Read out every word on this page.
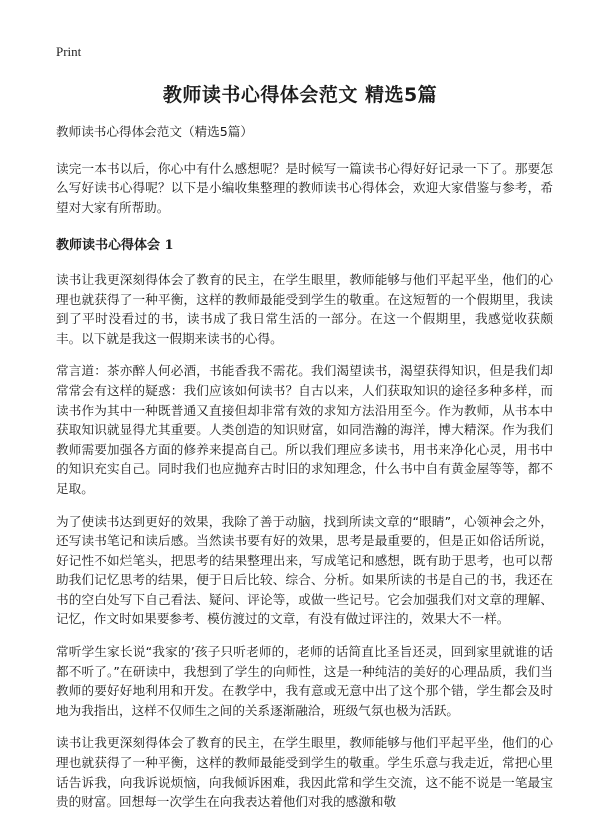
Print
教师读书心得体会范文 精选5篇

教师读书心得体会范文（精选5篇）

读完一本书以后，你心中有什么感想呢？是时候写一篇读书心得好好记录一下了。那要怎么写好读书心得呢？以下是小编收集整理的教师读书心得体会，欢迎大家借鉴与参考，希望对大家有所帮助。

教师读书心得体会 1

读书让我更深刻得体会了教育的民主，在学生眼里，教师能够与他们平起平坐，他们的心理也就获得了一种平衡，这样的教师最能受到学生的敬重。在这短暂的一个假期里，我读到了平时没看过的书，读书成了我日常生活的一部分。在这一个假期里，我感觉收获颇丰。以下就是我这一假期来读书的心得。

常言道：茶亦醉人何必酒，书能香我不需花。我们渴望读书，渴望获得知识，但是我们却常常会有这样的疑惑：我们应该如何读书？自古以来，人们获取知识的途径多种多样，而读书作为其中一种既普通又直接但却非常有效的求知方法沿用至今。作为教师，从书本中获取知识就显得尤其重要。人类创造的知识财富，如同浩瀚的海洋，博大精深。作为我们教师需要加强各方面的修养来提高自己。所以我们理应多读书，用书来净化心灵，用书中的知识充实自己。同时我们也应抛弃古时旧的求知理念，什么书中自有黄金屋等等，都不足取。

为了使读书达到更好的效果，我除了善于动脑，找到所读文章的“眼睛”，心领神会之外，还写读书笔记和读后感。当然读书要有好的效果，思考是最重要的，但是正如俗话所说，好记性不如烂笔头，把思考的结果整理出来，写成笔记和感想，既有助于思考，也可以帮助我们记忆思考的结果，便于日后比较、综合、分析。如果所读的书是自己的书，我还在书的空白处写下自己看法、疑问、评论等，或做一些记号。它会加强我们对文章的理解、记忆，作文时如果要参考、模仿渡过的文章，有没有做过评注的，效果大不一样。

常听学生家长说“我家的’孩子只听老师的，老师的话简直比圣旨还灵，回到家里就谁的话都不听了。”在研读中，我想到了学生的向师性，这是一种纯洁的美好的心理品质，我们当教师的要好好地利用和开发。在教学中，我有意或无意中出了这个那个错，学生都会及时地为我指出，这样不仅师生之间的关系逐渐融洽，班级气氛也极为活跃。

读书让我更深刻得体会了教育的民主，在学生眼里，教师能够与他们平起平坐，他们的心理也就获得了一种平衡，这样的教师最能受到学生的敬重。学生乐意与我走近，常把心里话告诉我，向我诉说烦恼，向我倾诉困难，我因此常和学生交流，这不能不说是一笔最宝贵的财富。回想每一次学生在向我表达着他们对我的感激和敬
